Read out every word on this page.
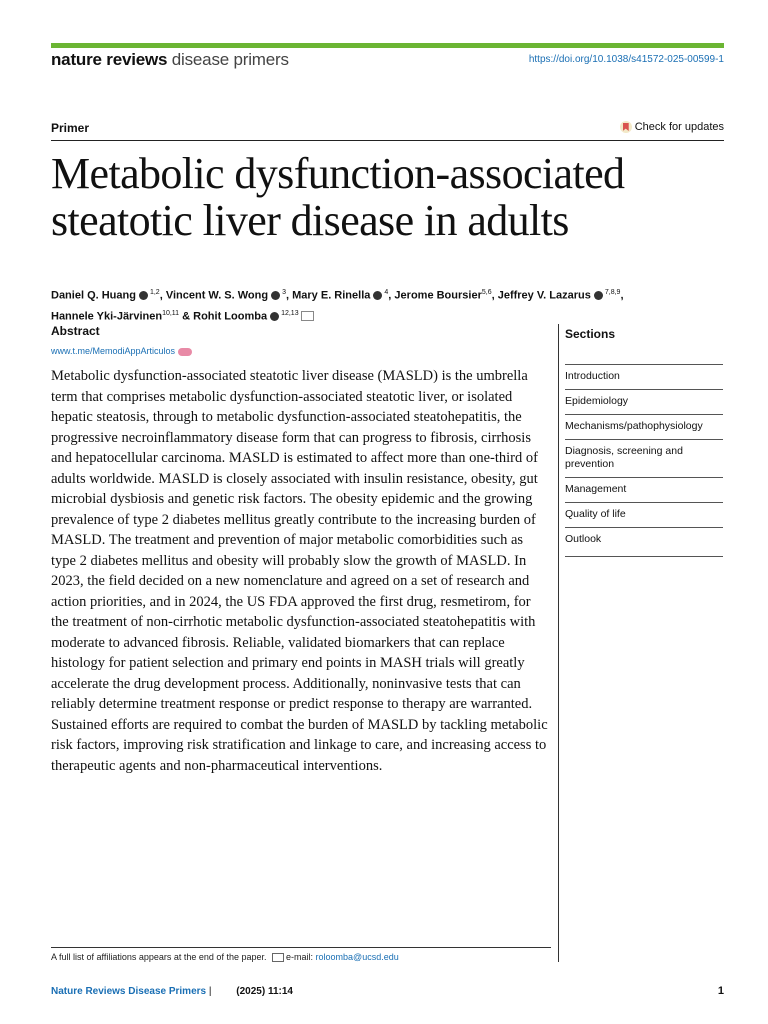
nature reviews disease primers	https://doi.org/10.1038/s41572-025-00599-1
Primer	Check for updates
Metabolic dysfunction-associated steatotic liver disease in adults
Daniel Q. Huang $^{1,2}$, Vincent W. S. Wong $^3$, Mary E. Rinella $^4$, Jerome Boursier$^{5,6}$, Jeffrey V. Lazarus $^{7,8,9}$,
Hannele Yki-Järvinen$^{10,11}$ & Rohit Loomba $^{12,13}$
Abstract
www.t.me/MemodiAppArticulos

Metabolic dysfunction-associated steatotic liver disease (MASLD) is the umbrella term that comprises metabolic dysfunction-associated steatotic liver, or isolated hepatic steatosis, through to metabolic dysfunction-associated steatohepatitis, the progressive necroinflammatory disease form that can progress to fibrosis, cirrhosis and hepatocellular carcinoma. MASLD is estimated to affect more than one-third of adults worldwide. MASLD is closely associated with insulin resistance, obesity, gut microbial dysbiosis and genetic risk factors. The obesity epidemic and the growing prevalence of type 2 diabetes mellitus greatly contribute to the increasing burden of MASLD. The treatment and prevention of major metabolic comorbidities such as type 2 diabetes mellitus and obesity will probably slow the growth of MASLD. In 2023, the field decided on a new nomenclature and agreed on a set of research and action priorities, and in 2024, the US FDA approved the first drug, resmetirom, for the treatment of non-cirrhotic metabolic dysfunction-associated steatohepatitis with moderate to advanced fibrosis. Reliable, validated biomarkers that can replace histology for patient selection and primary end points in MASH trials will greatly accelerate the drug development process. Additionally, noninvasive tests that can reliably determine treatment response or predict response to therapy are warranted. Sustained efforts are required to combat the burden of MASLD by tackling metabolic risk factors, improving risk stratification and linkage to care, and increasing access to therapeutic agents and non-pharmaceutical interventions.

Sections
Introduction
Epidemiology
Mechanisms/pathophysiology
Diagnosis, screening and prevention
Management
Quality of life
Outlook
A full list of affiliations appears at the end of the paper. e-mail: roloomba@ucsd.edu
Nature Reviews Disease Primers | (2025) 11:14	1
